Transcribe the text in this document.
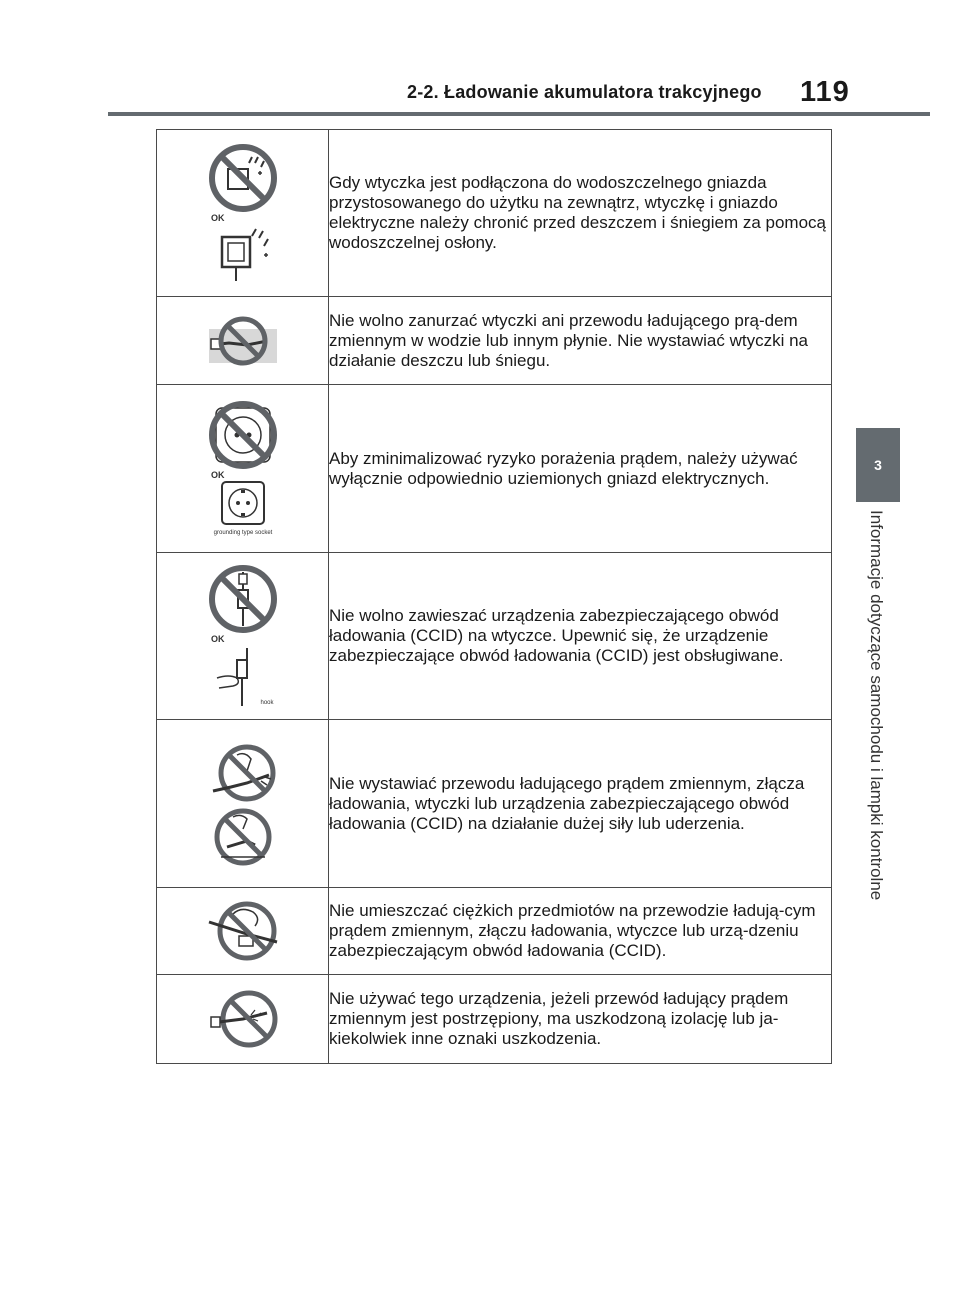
2-2. Ładowanie akumulatora trakcyjnego 119
3
Informacje dotyczące samochodu i lampki kontrolne
OK	Gdy wtyczka jest podłączona do wodoszczelnego gniazda przystosowanego do użytku na zewnątrz, wtyczkę i gniazdo elektryczne należy chronić przed deszczem i śniegiem za pomocą wodoszczelnej osłony.

	Nie wolno zanurzać wtyczki ani przewodu ładującego prą-dem zmiennym w wodzie lub innym płynie. Nie wystawiać wtyczki na działanie deszczu lub śniegu.

OK
grounding type socket	Aby zminimalizować ryzyko porażenia prądem, należy używać wyłącznie odpowiednio uziemionych gniazd elektrycznych.

OK
hook	Nie wolno zawieszać urządzenia zabezpieczającego obwód ładowania (CCID) na wtyczce. Upewnić się, że urządzenie zabezpieczające obwód ładowania (CCID) jest obsługiwane.

	Nie wystawiać przewodu ładującego prądem zmiennym, złącza ładowania, wtyczki lub urządzenia zabezpieczającego obwód ładowania (CCID) na działanie dużej siły lub uderzenia.

	Nie umieszczać ciężkich przedmiotów na przewodzie ładują-cym prądem zmiennym, złączu ładowania, wtyczce lub urzą-dzeniu zabezpieczającym obwód ładowania (CCID).

	Nie używać tego urządzenia, jeżeli przewód ładujący prądem zmiennym jest postrzępiony, ma uszkodzoną izolację lub ja-kiekolwiek inne oznaki uszkodzenia.
